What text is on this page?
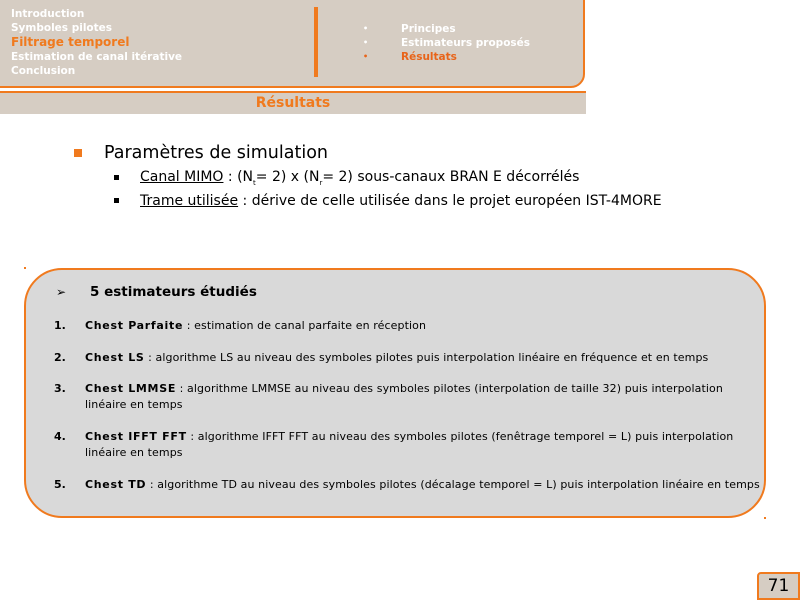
Introduction
Symboles pilotes
Filtrage temporel
Estimation de canal itérative
Conclusion
•	Principes
•	Estimateurs proposés
•	Résultats
Résultats
Paramètres de simulation
Canal MIMO : $(N_t= 2)$ x $(N_r= 2)$ sous-canaux BRAN E décorrélés
Trame utilisée : dérive de celle utilisée dans le projet européen IST-4MORE
➢	5 estimateurs étudiés
1. Chest Parfaite : estimation de canal parfaite en réception
2. Chest LS : algorithme LS au niveau des symboles pilotes puis interpolation linéaire en fréquence et en temps
3. Chest LMMSE : algorithme LMMSE au niveau des symboles pilotes (interpolation de taille 32) puis interpolation linéaire en temps
4. Chest IFFT FFT : algorithme IFFT FFT au niveau des symboles pilotes (fenêtrage temporel = L) puis interpolation linéaire en temps
5. Chest TD : algorithme TD au niveau des symboles pilotes (décalage temporel = L) puis interpolation linéaire en temps
71
